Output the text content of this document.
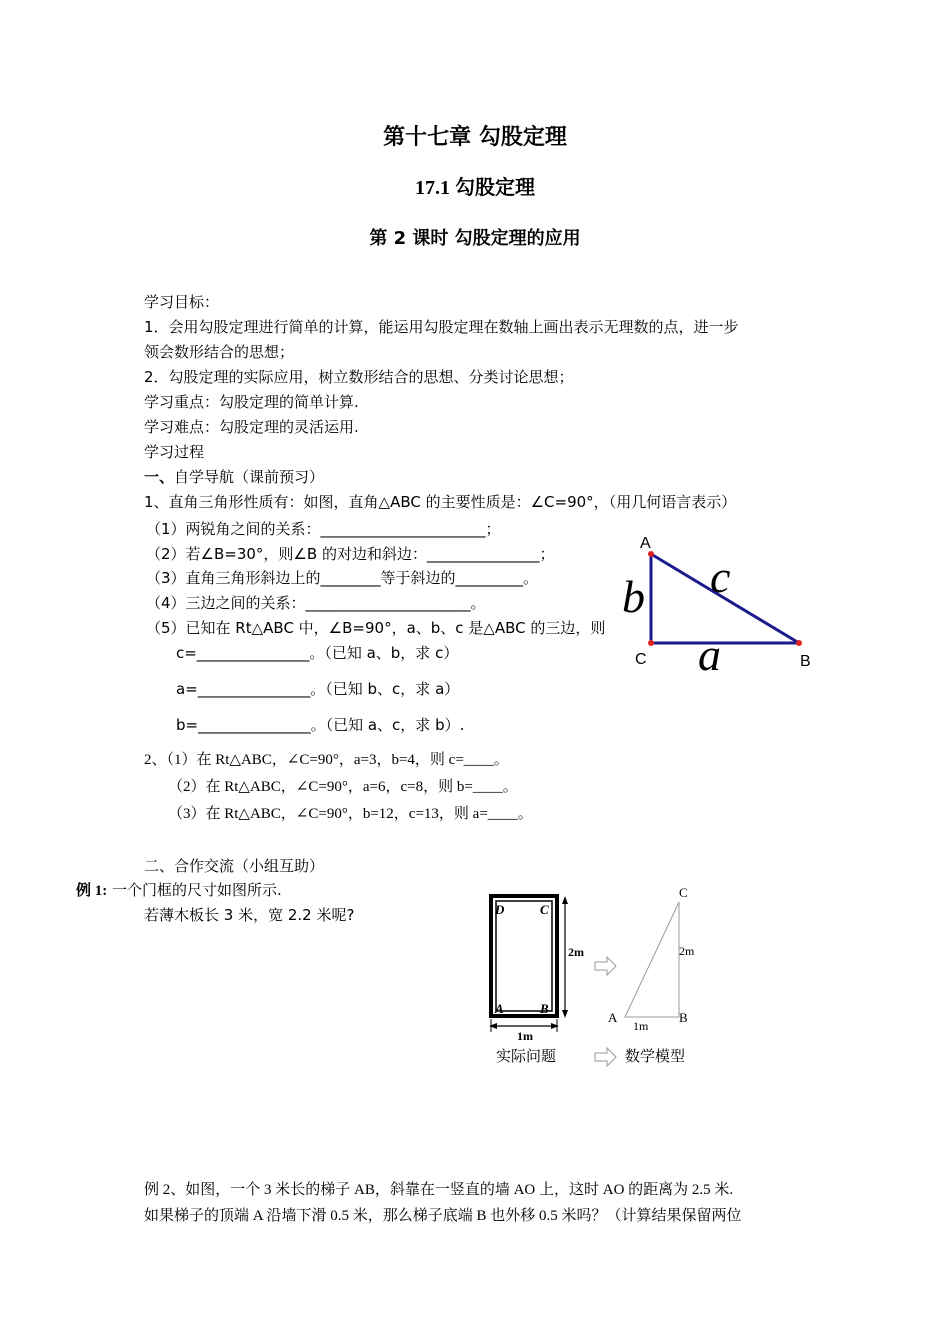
第十七章 勾股定理
17.1 勾股定理
第 2 课时 勾股定理的应用
学习目标：
1．会用勾股定理进行简单的计算，能运用勾股定理在数轴上画出表示无理数的点，进一步
领会数形结合的思想；
2．勾股定理的实际应用，树立数形结合的思想、分类讨论思想；
学习重点：勾股定理的简单计算.
学习难点：勾股定理的灵活运用.
学习过程
一、自学导航（课前预习）
1、直角三角形性质有：如图，直角△ABC 的主要性质是：∠C=90°，（用几何语言表示）
（1）两锐角之间的关系：______________________；
（2）若∠B=30°，则∠B 的对边和斜边：_______________；
（3）直角三角形斜边上的________等于斜边的_________。
（4）三边之间的关系：______________________。
（5）已知在 Rt△ABC 中，∠B=90°，a、b、c 是△ABC 的三边，则
c=_______________。（已知 a、b，求 c）
a=_______________。（已知 b、c，求 a）
b=_______________。（已知 a、c，求 b）.
2、（1）在 Rt△ABC，∠C=90°，a=3，b=4，则 c=____。
（2）在 Rt△ABC，∠C=90°，a=6，c=8，则 b=____。
（3）在 Rt△ABC，∠C=90°，b=12，c=13，则 a=____。
A
C	B
b c
a
二、合作交流（小组互助）
例 1: 一个门框的尺寸如图所示.
若薄木板长 3 米，宽 2.2 米呢?	D	C
A	B
2m
1m
C
A	B
2m
1m
实际问题	数学模型
例 2、如图，一个 3 米长的梯子 AB，斜靠在一竖直的墙 AO 上，这时 AO 的距离为 2.5 米.
如果梯子的顶端 A 沿墙下滑 0.5 米，那么梯子底端 B 也外移 0.5 米吗？（计算结果保留两位
